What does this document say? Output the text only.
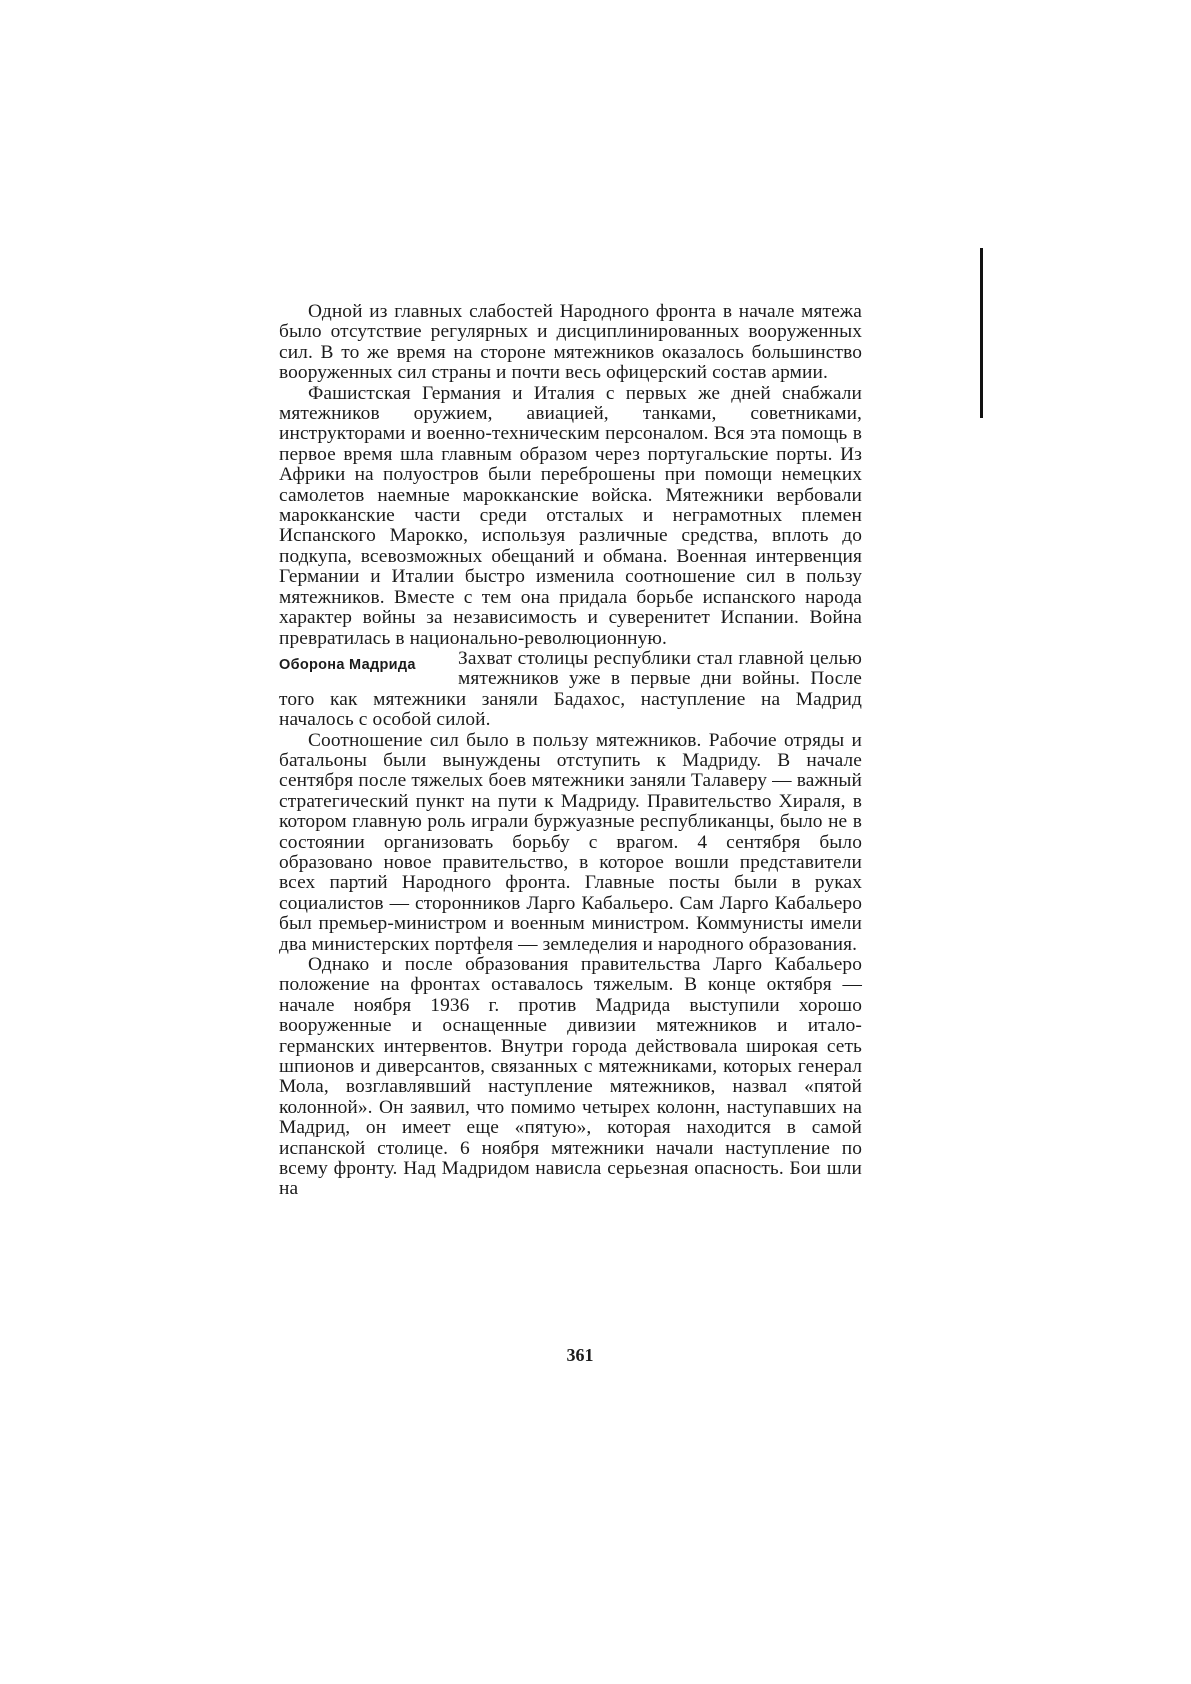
Одной из главных слабостей Народного фронта в начале мятежа было отсутствие регулярных и дисциплинированных вооруженных сил. В то же время на стороне мятежников оказалось большинство вооруженных сил страны и почти весь офицерский состав армии.

Фашистская Германия и Италия с первых же дней снабжали мятежников оружием, авиацией, танками, советниками, инструкторами и военно-техническим персоналом. Вся эта помощь в первое время шла главным образом через португальские порты. Из Африки на полуостров были переброшены при помощи немецких самолетов наемные марокканские войска. Мятежники вербовали марокканские части среди отсталых и неграмотных племен Испанского Марокко, используя различные средства, вплоть до подкупа, всевозможных обещаний и обмана. Военная интервенция Германии и Италии быстро изменила соотношение сил в пользу мятежников. Вместе с тем она придала борьбе испанского народа характер войны за независимость и суверенитет Испании. Война превратилась в национально-революционную.

Оборона Мадрида	Захват столицы республики стал главной целью мятежников уже в первые дни войны. После того как мятежники заняли Бадахос, наступление на Мадрид началось с особой силой.

Соотношение сил было в пользу мятежников. Рабочие отряды и батальоны были вынуждены отступить к Мадриду. В начале сентября после тяжелых боев мятежники заняли Талаверу — важный стратегический пункт на пути к Мадриду. Правительство Хираля, в котором главную роль играли буржуазные республиканцы, было не в состоянии организовать борьбу с врагом. 4 сентября было образовано новое правительство, в которое вошли представители всех партий Народного фронта. Главные посты были в руках социалистов — сторонников Ларго Кабальеро. Сам Ларго Кабальеро был премьер-министром и военным министром. Коммунисты имели два министерских портфеля — земледелия и народного образования.

Однако и после образования правительства Ларго Кабальеро положение на фронтах оставалось тяжелым. В конце октября — начале ноября 1936 г. против Мадрида выступили хорошо вооруженные и оснащенные дивизии мятежников и итало-германских интервентов. Внутри города действовала широкая сеть шпионов и диверсантов, связанных с мятежниками, которых генерал Мола, возглавлявший наступление мятежников, назвал «пятой колонной». Он заявил, что помимо четырех колонн, наступавших на Мадрид, он имеет еще «пятую», которая находится в самой испанской столице. 6 ноября мятежники начали наступление по всему фронту. Над Мадридом нависла серьезная опасность. Бои шли на

361
